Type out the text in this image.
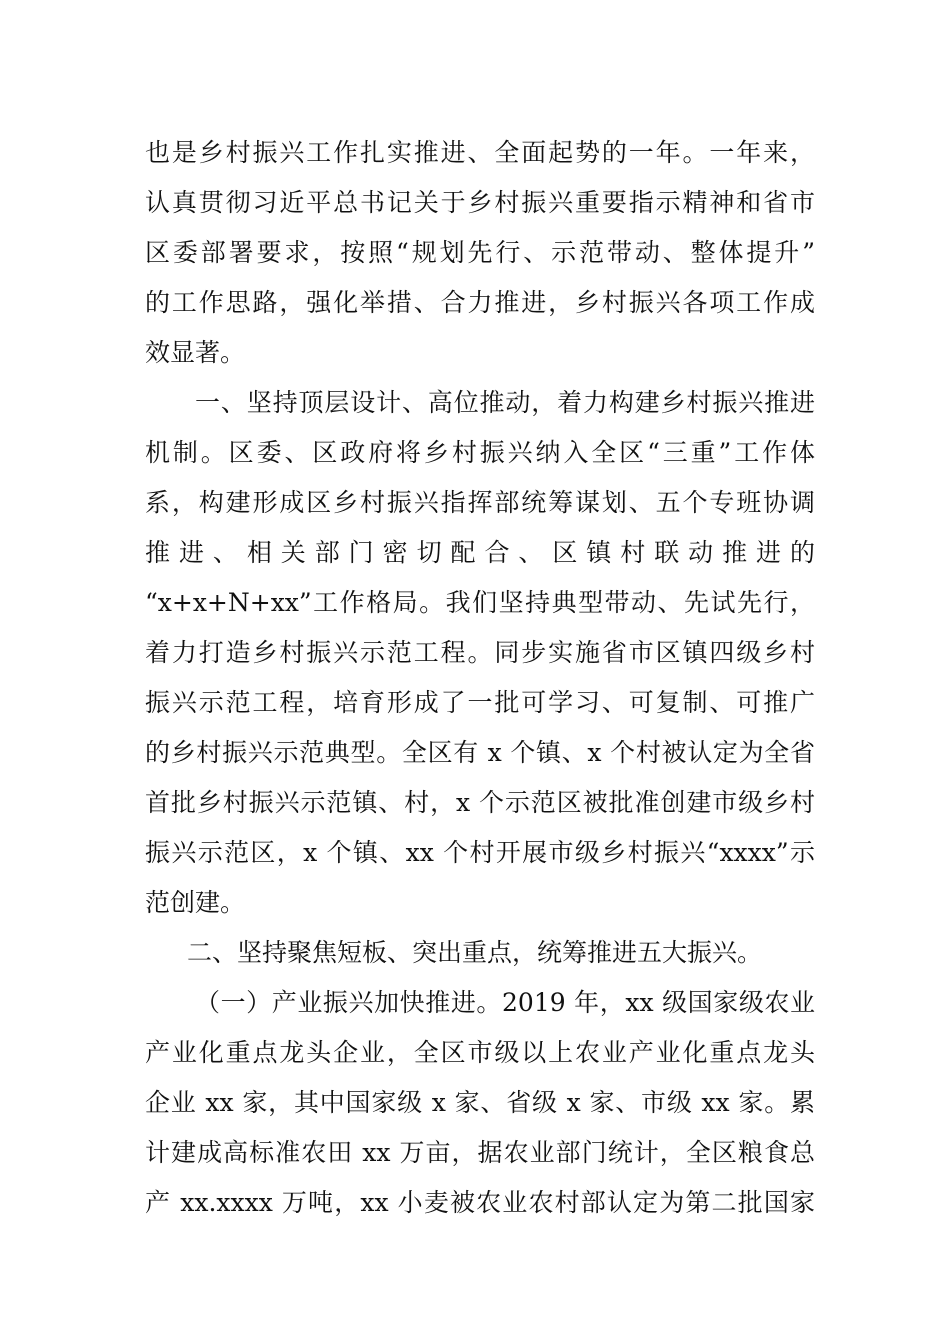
也是乡村振兴工作扎实推进、全面起势的一年。一年来，
认真贯彻习近平总书记关于乡村振兴重要指示精神和省市
区委部署要求，按照“规划先行、示范带动、整体提升”
的工作思路，强化举措、合力推进，乡村振兴各项工作成
效显著。
一、坚持顶层设计、高位推动，着力构建乡村振兴推进
机制。区委、区政府将乡村振兴纳入全区“三重”工作体
系，构建形成区乡村振兴指挥部统筹谋划、五个专班协调
推 进 、 相 关 部 门 密 切 配 合 、 区 镇 村 联 动 推 进 的
“x+x+N+xx”工作格局。我们坚持典型带动、先试先行，
着力打造乡村振兴示范工程。同步实施省市区镇四级乡村
振兴示范工程，培育形成了一批可学习、可复制、可推广
的乡村振兴示范典型。全区有 x 个镇、x 个村被认定为全省
首批乡村振兴示范镇、村，x 个示范区被批准创建市级乡村
振兴示范区，x 个镇、xx 个村开展市级乡村振兴“xxxx”示
范创建。
二、坚持聚焦短板、突出重点，统筹推进五大振兴。
（一）产业振兴加快推进。2019 年，xx 级国家级农业
产业化重点龙头企业，全区市级以上农业产业化重点龙头
企业 xx 家，其中国家级 x 家、省级 x 家、市级 xx 家。累
计建成高标准农田 xx 万亩，据农业部门统计，全区粮食总
产 xx.xxxx 万吨，xx 小麦被农业农村部认定为第二批国家
